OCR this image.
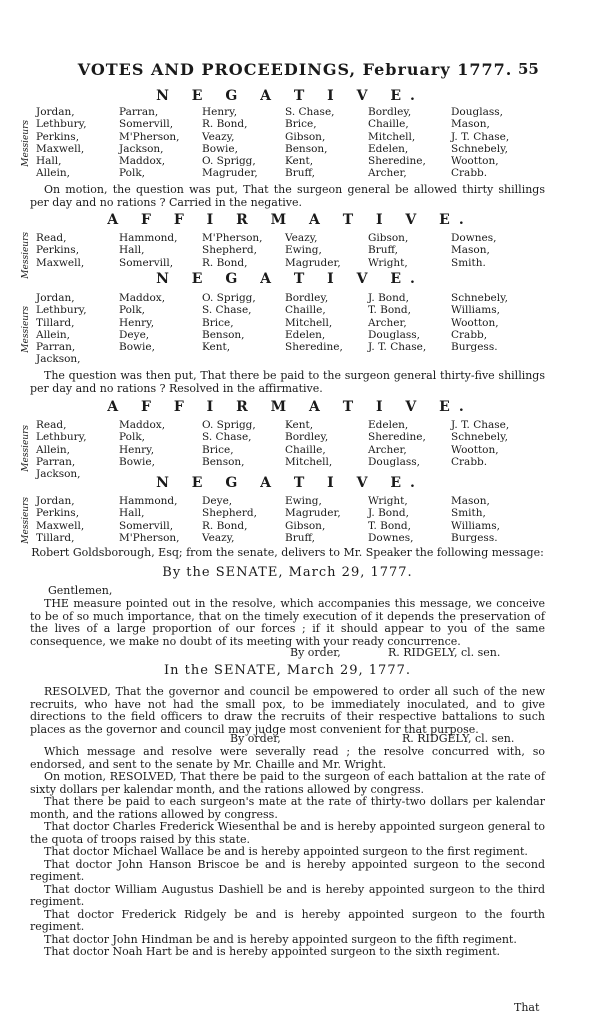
VOTES AND PROCEEDINGS, February 1777. 55
N E G A T I V E.
Messieurs
Jordan,	Parran,	Henry,	S. Chase,	Bordley,	Douglass,
Lethbury,	Somervill,	R. Bond,	Brice,	Chaille,	Mason,
Perkins,	M'Pherson,	Veazy,	Gibson,	Mitchell,	J. T. Chase,
Maxwell,	Jackson,	Bowie,	Benson,	Edelen,	Schnebely,
Hall,	Maddox,	O. Sprigg,	Kent,	Sheredine,	Wootton,
Allein,	Polk,	Magruder,	Bruff,	Archer,	Crabb.
On motion, the question was put, That the surgeon general be allowed thirty shillings per day and no rations ? Carried in the negative.
A F F I R M A T I V E.
Messieurs Read,	Hammond,	M'Pherson,	Veazy,	Gibson,	Downes,
Perkins,	Hall,	Shepherd,	Ewing,	Bruff,	Mason,
Maxwell,	Somervill,	R. Bond,	Magruder,	Wright,	Smith.
N E G A T I V E.
Messieurs
Jordan,	Maddox,	O. Sprigg,	Bordley,	J. Bond,	Schnebely,
Lethbury,	Polk,	S. Chase,	Chaille,	T. Bond,	Williams,
Tillard,	Henry,	Brice,	Mitchell,	Archer,	Wootton,
Allein,	Deye,	Benson,	Edelen,	Douglass,	Crabb,
Parran,	Bowie,	Kent,	Sheredine,	J. T. Chase,	Burgess.
Jackson,					
The question was then put, That there be paid to the surgeon general thirty-five shillings per day and no rations ? Resolved in the affirmative.
A F F I R M A T I V E.
Messieurs Read,	Maddox,	O. Sprigg,	Kent,	Edelen,	J. T. Chase,
Lethbury,	Polk,	S. Chase,	Bordley,	Sheredine,	Schnebely,
Allein,	Henry,	Brice,	Chaille,	Archer,	Wootton,
Parran,	Bowie,	Benson,	Mitchell,	Douglass,	Crabb.
Jackson,					
N E G A T I V E.
Messieurs Jordan,	Hammond,	Deye,	Ewing,	Wright,	Mason,
Perkins,	Hall,	Shepherd,	Magruder,	J. Bond,	Smith,
Maxwell,	Somervill,	R. Bond,	Gibson,	T. Bond,	Williams,
Tillard,	M'Pherson,	Veazy,	Bruff,	Downes,	Burgess.
Robert Goldsborough, Esq; from the senate, delivers to Mr. Speaker the following message:
By the SENATE, March 29, 1777.
Gentlemen,
THE measure pointed out in the resolve, which accompanies this message, we conceive to be of so much importance, that on the timely execution of it depends the preservation of the lives of a large proportion of our forces ; if it should appear to you of the same consequence, we make no doubt of its meeting with your ready concurrence.
By order,	R. RIDGELY, cl. sen.
In the SENATE, March 29, 1777.
RESOLVED, That the governor and council be empowered to order all such of the new recruits, who have not had the small pox, to be immediately inoculated, and to give directions to the field officers to draw the recruits of their respective battalions to such places as the governor and council may judge most convenient for that purpose.
By order,	R. RIDGELY, cl. sen.
Which message and resolve were severally read ; the resolve concurred with, so endorsed, and sent to the senate by Mr. Chaille and Mr. Wright.
On motion, RESOLVED, That there be paid to the surgeon of each battalion at the rate of sixty dollars per kalendar month, and the rations allowed by congress.
That there be paid to each surgeon's mate at the rate of thirty-two dollars per kalendar month, and the rations allowed by congress.
That doctor Charles Frederick Wiesenthal be and is hereby appointed surgeon general to the quota of troops raised by this state.
That doctor Michael Wallace be and is hereby appointed surgeon to the first regiment.
That doctor John Hanson Briscoe be and is hereby appointed surgeon to the second regiment.
That doctor William Augustus Dashiell be and is hereby appointed surgeon to the third regiment.
That doctor Frederick Ridgely be and is hereby appointed surgeon to the fourth regiment.
That doctor John Hindman be and is hereby appointed surgeon to the fifth regiment.
That doctor Noah Hart be and is hereby appointed surgeon to the sixth regiment.
That
